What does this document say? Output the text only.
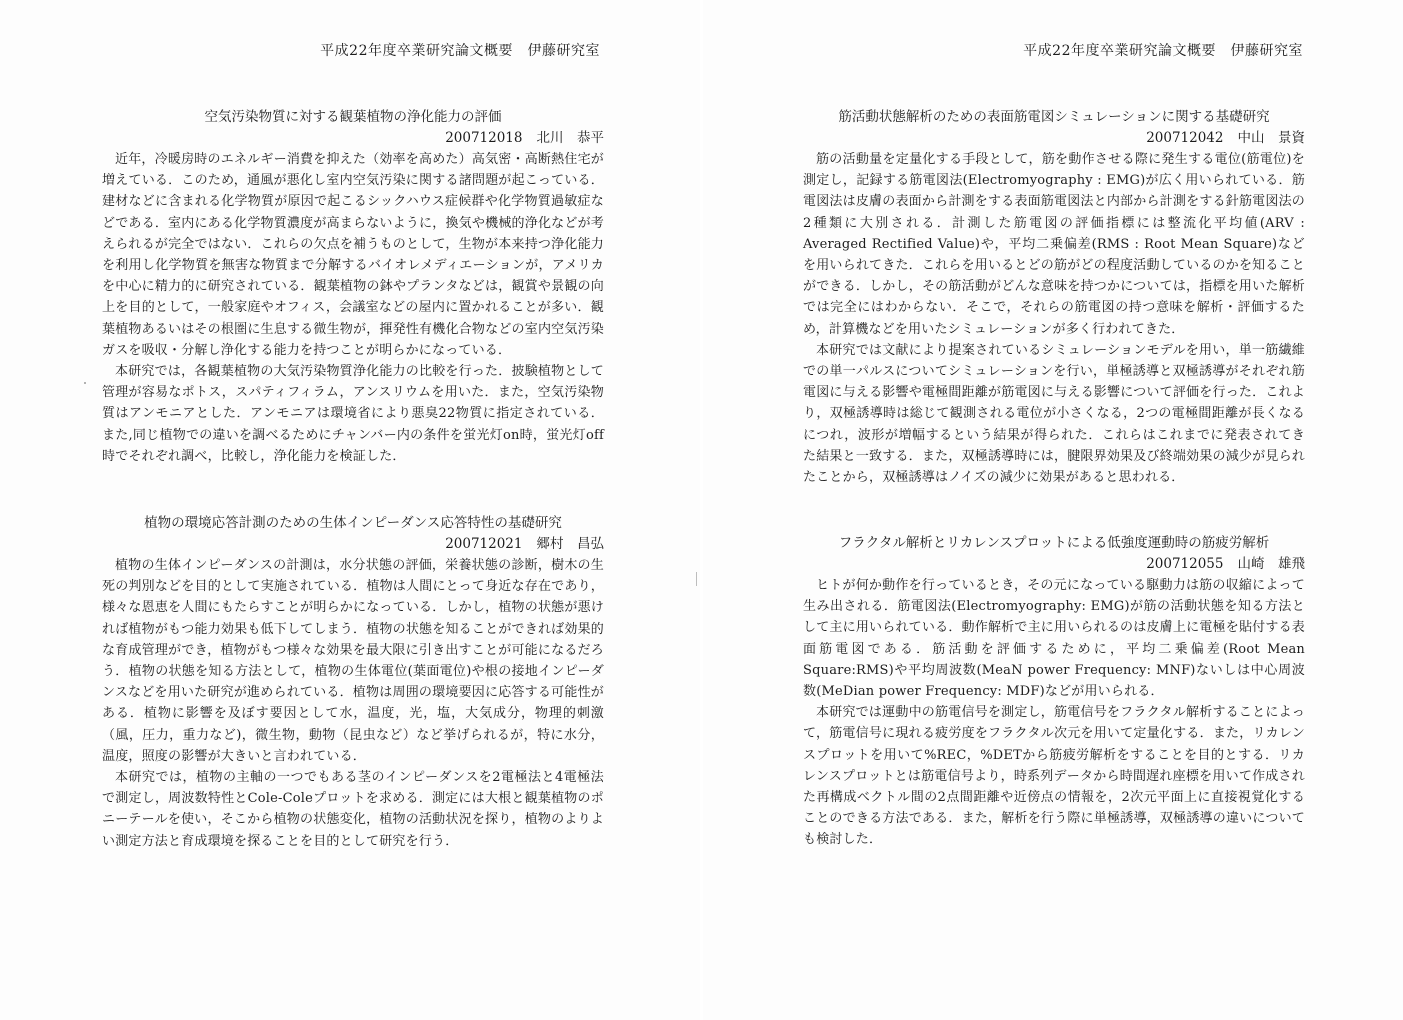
平成22年度卒業研究論文概要　伊藤研究室

空気汚染物質に対する観葉植物の浄化能力の評価

200712018 北川　恭平

近年，冷暖房時のエネルギー消費を抑えた（効率を高めた）高気密・高断熱住宅が増えている．このため，通風が悪化し室内空気汚染に関する諸問題が起こっている．建材などに含まれる化学物質が原因で起こるシックハウス症候群や化学物質過敏症などである．室内にある化学物質濃度が高まらないように，換気や機械的浄化などが考えられるが完全ではない．これらの欠点を補うものとして，生物が本来持つ浄化能力を利用し化学物質を無害な物質まで分解するバイオレメディエーションが，アメリカを中心に精力的に研究されている．観葉植物の鉢やプランタなどは，観賞や景観の向上を目的として，一般家庭やオフィス，会議室などの屋内に置かれることが多い．観葉植物あるいはその根圏に生息する微生物が，揮発性有機化合物などの室内空気汚染ガスを吸収・分解し浄化する能力を持つことが明らかになっている．

本研究では，各観葉植物の大気汚染物質浄化能力の比較を行った．披験植物として管理が容易なポトス，スパティフィラム，アンスリウムを用いた．また，空気汚染物質はアンモニアとした．アンモニアは環境省により悪臭22物質に指定されている．また,同じ植物での違いを調べるためにチャンバー内の条件を蛍光灯on時，蛍光灯off時でそれぞれ調べ，比較し，浄化能力を検証した．

植物の環境応答計測のための生体インピーダンス応答特性の基礎研究

200712021 郷村　昌弘

植物の生体インピーダンスの計測は，水分状態の評価，栄養状態の診断，樹木の生死の判別などを目的として実施されている．植物は人間にとって身近な存在であり，様々な恩恵を人間にもたらすことが明らかになっている．しかし，植物の状態が悪ければ植物がもつ能力効果も低下してしまう．植物の状態を知ることができれば効果的な育成管理ができ，植物がもつ様々な効果を最大限に引き出すことが可能になるだろう．植物の状態を知る方法として，植物の生体電位(葉面電位)や根の接地インピーダンスなどを用いた研究が進められている．植物は周囲の環境要因に応答する可能性がある．植物に影響を及ぼす要因として水，温度，光，塩，大気成分，物理的刺激（風，圧力，重力など)，微生物，動物（昆虫など）など挙げられるが，特に水分，温度，照度の影響が大きいと言われている．

本研究では，植物の主軸の一つでもある茎のインピーダンスを2電極法と4電極法で測定し，周波数特性とCole-Coleプロットを求める．測定には大根と観葉植物のポニーテールを使い，そこから植物の状態変化，植物の活動状況を探り，植物のよりよい測定方法と育成環境を探ることを目的として研究を行う．

平成22年度卒業研究論文概要　伊藤研究室

筋活動状態解析のための表面筋電図シミュレーションに関する基礎研究

200712042 中山　景資

筋の活動量を定量化する手段として，筋を動作させる際に発生する電位(筋電位)を測定し，記録する筋電図法(Electromyography : EMG)が広く用いられている．筋電図法は皮膚の表面から計測をする表面筋電図法と内部から計測をする針筋電図法の2種類に大別される．計測した筋電図の評価指標には整流化平均値(ARV : Averaged Rectified Value)や，平均二乗偏差(RMS : Root Mean Square)などを用いられてきた．これらを用いるとどの筋がどの程度活動しているのかを知ることができる．しかし，その筋活動がどんな意味を持つかについては，指標を用いた解析では完全にはわからない．そこで，それらの筋電図の持つ意味を解析・評価するため，計算機などを用いたシミュレーションが多く行われてきた．

本研究では文献により提案されているシミュレーションモデルを用い，単一筋繊維での単一パルスについてシミュレーションを行い，単極誘導と双極誘導がそれぞれ筋電図に与える影響や電極間距離が筋電図に与える影響について評価を行った．これより，双極誘導時は総じて観測される電位が小さくなる，2つの電極間距離が長くなるにつれ，波形が増幅するという結果が得られた．これらはこれまでに発表されてきた結果と一致する．また，双極誘導時には，腱限界効果及び終端効果の減少が見られたことから，双極誘導はノイズの減少に効果があると思われる．

フラクタル解析とリカレンスプロットによる低強度運動時の筋疲労解析

200712055 山崎　雄飛

ヒトが何か動作を行っているとき，その元になっている駆動力は筋の収縮によって生み出される．筋電図法(Electromyography: EMG)が筋の活動状態を知る方法として主に用いられている．動作解析で主に用いられるのは皮膚上に電極を貼付する表面筋電図である．筋活動を評価するために，平均二乗偏差(Root Mean Square:RMS)や平均周波数(MeaN power Frequency: MNF)ないしは中心周波数(MeDian power Frequency: MDF)などが用いられる．

本研究では運動中の筋電信号を測定し，筋電信号をフラクタル解析することによって，筋電信号に現れる疲労度をフラクタル次元を用いて定量化する．また，リカレンスプロットを用いて%REC，%DETから筋疲労解析をすることを目的とする．リカレンスプロットとは筋電信号より，時系列データから時間遅れ座標を用いて作成された再構成ベクトル間の2点間距離や近傍点の情報を，2次元平面上に直接視覚化することのできる方法である．また，解析を行う際に単極誘導，双極誘導の違いについても検討した．
